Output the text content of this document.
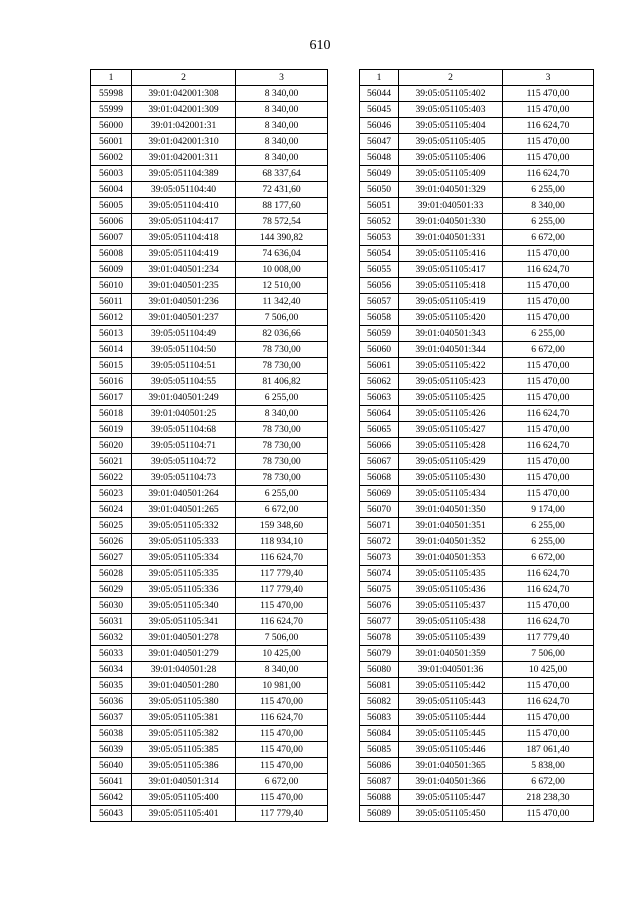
610
1	2	3
55998	39:01:042001:308	8 340,00
55999	39:01:042001:309	8 340,00
56000	39:01:042001:31	8 340,00
56001	39:01:042001:310	8 340,00
56002	39:01:042001:311	8 340,00
56003	39:05:051104:389	68 337,64
56004	39:05:051104:40	72 431,60
56005	39:05:051104:410	88 177,60
56006	39:05:051104:417	78 572,54
56007	39:05:051104:418	144 390,82
56008	39:05:051104:419	74 636,04
56009	39:01:040501:234	10 008,00
56010	39:01:040501:235	12 510,00
56011	39:01:040501:236	11 342,40
56012	39:01:040501:237	7 506,00
56013	39:05:051104:49	82 036,66
56014	39:05:051104:50	78 730,00
56015	39:05:051104:51	78 730,00
56016	39:05:051104:55	81 406,82
56017	39:01:040501:249	6 255,00
56018	39:01:040501:25	8 340,00
56019	39:05:051104:68	78 730,00
56020	39:05:051104:71	78 730,00
56021	39:05:051104:72	78 730,00
56022	39:05:051104:73	78 730,00
56023	39:01:040501:264	6 255,00
56024	39:01:040501:265	6 672,00
56025	39:05:051105:332	159 348,60
56026	39:05:051105:333	118 934,10
56027	39:05:051105:334	116 624,70
56028	39:05:051105:335	117 779,40
56029	39:05:051105:336	117 779,40
56030	39:05:051105:340	115 470,00
56031	39:05:051105:341	116 624,70
56032	39:01:040501:278	7 506,00
56033	39:01:040501:279	10 425,00
56034	39:01:040501:28	8 340,00
56035	39:01:040501:280	10 981,00
56036	39:05:051105:380	115 470,00
56037	39:05:051105:381	116 624,70
56038	39:05:051105:382	115 470,00
56039	39:05:051105:385	115 470,00
56040	39:05:051105:386	115 470,00
56041	39:01:040501:314	6 672,00
56042	39:05:051105:400	115 470,00
56043	39:05:051105:401	117 779,40
1	2	3
56044	39:05:051105:402	115 470,00
56045	39:05:051105:403	115 470,00
56046	39:05:051105:404	116 624,70
56047	39:05:051105:405	115 470,00
56048	39:05:051105:406	115 470,00
56049	39:05:051105:409	116 624,70
56050	39:01:040501:329	6 255,00
56051	39:01:040501:33	8 340,00
56052	39:01:040501:330	6 255,00
56053	39:01:040501:331	6 672,00
56054	39:05:051105:416	115 470,00
56055	39:05:051105:417	116 624,70
56056	39:05:051105:418	115 470,00
56057	39:05:051105:419	115 470,00
56058	39:05:051105:420	115 470,00
56059	39:01:040501:343	6 255,00
56060	39:01:040501:344	6 672,00
56061	39:05:051105:422	115 470,00
56062	39:05:051105:423	115 470,00
56063	39:05:051105:425	115 470,00
56064	39:05:051105:426	116 624,70
56065	39:05:051105:427	115 470,00
56066	39:05:051105:428	116 624,70
56067	39:05:051105:429	115 470,00
56068	39:05:051105:430	115 470,00
56069	39:05:051105:434	115 470,00
56070	39:01:040501:350	9 174,00
56071	39:01:040501:351	6 255,00
56072	39:01:040501:352	6 255,00
56073	39:01:040501:353	6 672,00
56074	39:05:051105:435	116 624,70
56075	39:05:051105:436	116 624,70
56076	39:05:051105:437	115 470,00
56077	39:05:051105:438	116 624,70
56078	39:05:051105:439	117 779,40
56079	39:01:040501:359	7 506,00
56080	39:01:040501:36	10 425,00
56081	39:05:051105:442	115 470,00
56082	39:05:051105:443	116 624,70
56083	39:05:051105:444	115 470,00
56084	39:05:051105:445	115 470,00
56085	39:05:051105:446	187 061,40
56086	39:01:040501:365	5 838,00
56087	39:01:040501:366	6 672,00
56088	39:05:051105:447	218 238,30
56089	39:05:051105:450	115 470,00
